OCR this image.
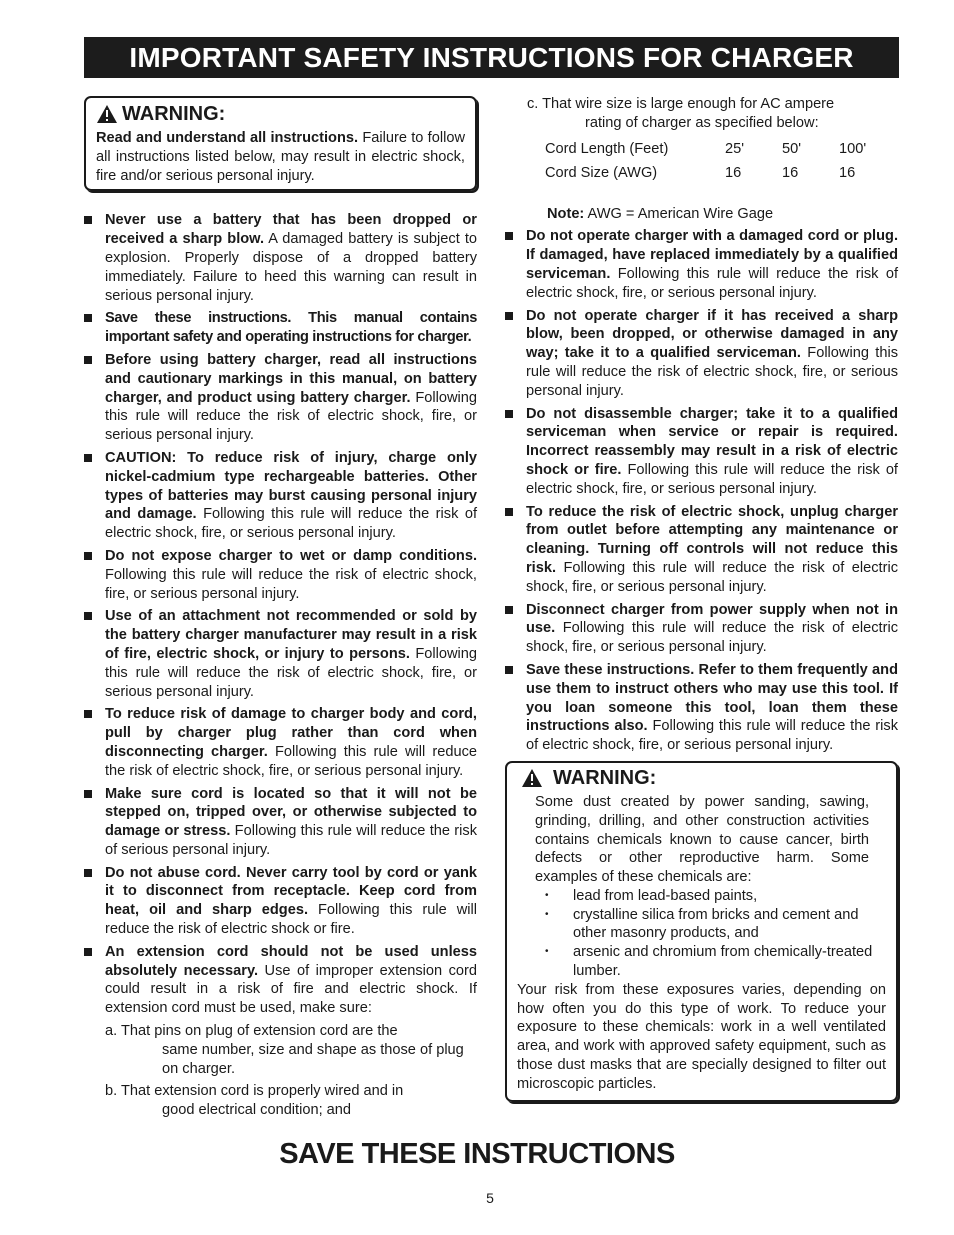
IMPORTANT SAFETY INSTRUCTIONS FOR CHARGER
WARNING:
Read and understand all instructions. Failure to follow all instructions listed below, may result in electric shock, fire and/or serious personal injury.
Never use a battery that has been dropped or received a sharp blow. A damaged battery is subject to explosion. Properly dispose of a dropped battery immediately. Failure to heed this warning can result in serious personal injury.
Save these instructions. This manual contains important safety and operating instructions for charger.
Before using battery charger, read all instructions and cautionary markings in this manual, on battery charger, and product using battery charger. Following this rule will reduce the risk of electric shock, fire, or serious personal injury.
CAUTION: To reduce risk of injury, charge only nickel-cadmium type rechargeable batteries. Other types of batteries may burst causing personal injury and damage. Following this rule will reduce the risk of electric shock, fire, or serious personal injury.
Do not expose charger to wet or damp conditions. Following this rule will reduce the risk of electric shock, fire, or serious personal injury.
Use of an attachment not recommended or sold by the battery charger manufacturer may result in a risk of fire, electric shock, or injury to persons. Following this rule will reduce the risk of electric shock, fire, or serious personal injury.
To reduce risk of damage to charger body and cord, pull by charger plug rather than cord when disconnecting charger. Following this rule will reduce the risk of electric shock, fire, or serious personal injury.
Make sure cord is located so that it will not be stepped on, tripped over, or otherwise subjected to damage or stress. Following this rule will reduce the risk of serious personal injury.
Do not abuse cord. Never carry tool by cord or yank it to disconnect from receptacle. Keep cord from heat, oil and sharp edges. Following this rule will reduce the risk of electric shock or fire.
An extension cord should not be used unless absolutely necessary. Use of improper extension cord could result in a risk of fire and electric shock. If extension cord must be used, make sure:
a. That pins on plug of extension cord are the
same number, size and shape as those of plug on charger.
b. That extension cord is properly wired and in
good electrical condition; and
c. That wire size is large enough for AC ampere
rating of charger as specified below:
Cord Length (Feet)	25'	50'	100'
Cord Size (AWG)	16	16	16
Note: AWG = American Wire Gage
Do not operate charger with a damaged cord or plug. If damaged, have replaced immediately by a qualified serviceman. Following this rule will reduce the risk of electric shock, fire, or serious personal injury.
Do not operate charger if it has received a sharp blow, been dropped, or otherwise damaged in any way; take it to a qualified serviceman. Following this rule will reduce the risk of electric shock, fire, or serious personal injury.
Do not disassemble charger; take it to a qualified serviceman when service or repair is required. Incorrect reassembly may result in a risk of electric shock or fire. Following this rule will reduce the risk of electric shock, fire, or serious personal injury.
To reduce the risk of electric shock, unplug charger from outlet before attempting any maintenance or cleaning. Turning off controls will not reduce this risk. Following this rule will reduce the risk of electric shock, fire, or serious personal injury.
Disconnect charger from power supply when not in use. Following this rule will reduce the risk of electric shock, fire, or serious personal injury.
Save these instructions. Refer to them frequently and use them to instruct others who may use this tool. If you loan someone this tool, loan them these instructions also. Following this rule will reduce the risk of electric shock, fire, or serious personal injury.
WARNING:
Some dust created by power sanding, sawing, grinding, drilling, and other construction activities contains chemicals known to cause cancer, birth defects or other reproductive harm. Some examples of these chemicals are:
• lead from lead-based paints,
• crystalline silica from bricks and cement and other masonry products, and
• arsenic and chromium from chemically-treated lumber.
Your risk from these exposures varies, depending on how often you do this type of work. To reduce your exposure to these chemicals: work in a well ventilated area, and work with approved safety equipment, such as those dust masks that are specially designed to filter out microscopic particles.
SAVE THESE INSTRUCTIONS
5
